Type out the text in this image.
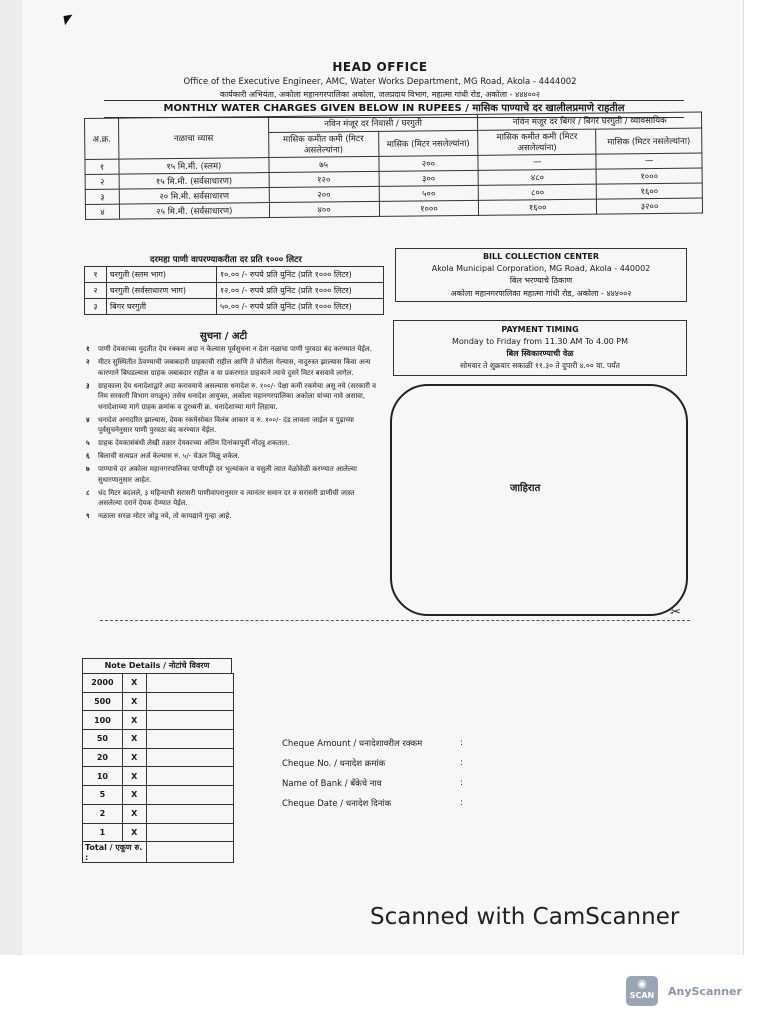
◤
HEAD OFFICE
Office of the Executive Engineer, AMC, Water Works Department, MG Road, Akola - 4444002
कार्यकारी अभियंता, अकोला महानगरपालिका अकोला, जलप्रदाय विभाग, महात्मा गांधी रोड, अकोला - ४४४००२
MONTHLY WATER CHARGES GIVEN BELOW IN RUPEES / मासिक पाण्याचे दर खालीलप्रमाणे राहतील
अ.क्र.	नळाचा व्यास	नविन मंजूर दर निवासी / घरगुती		नविन मंजूर दर बिगर / बिगर घरगुती / व्यावसायिक	
		मासिक कमीत कमी (मिटर असलेल्यांना)	मासिक (मिटर नसलेल्यांना)	मासिक कमीत कमी (मिटर असलेल्यांना)	मासिक (मिटर नसलेल्यांना)
१	१५ मि.मी. (स्लम)	७५	२००	—	—
२	१५ मि.मी. (सर्वसाधारण)	१२०	३००	४८०	१०००
३	२० मि.मी. सर्वसाधारण	२००	५००	८००	१६००
४	२५ मि.मी. (सर्वसाधारण)	४००	१०००	१६००	३२००
दरमहा पाणी वापरण्याकरीता दर प्रति १००० लिटर
१	घरगुती (स्लम भाग)	१०.०० /- रुपये प्रति युनिट (प्रति १००० लिटर)
२	घरगुती (सर्वसाधारण भाग)	१२.०० /- रुपये प्रति युनिट (प्रति १००० लिटर)
३	बिगर घरगुती	५०.०० /- रुपये प्रति युनिट (प्रति १००० लिटर)
BILL COLLECTION CENTER
Akola Municipal Corporation, MG Road, Akola - 440002
बिल भरण्याचे ठिकाण
अकोला महानगरपालिका महात्मा गांधी रोड, अकोला - ४४४००२
PAYMENT TIMING
Monday to Friday from 11.30 AM To 4.00 PM
बिल स्विकारण्याची वेळ
सोमवार ते शुक्रवार सकाळी ११.३० ते दुपारी ४.०० वा. पर्यंत
सुचना / अटी
१	पाणी देयकाच्या मुदतीत देय रक्कम अदा न केल्यास पूर्वसुचना न देता नळाचा पाणी पुरवठा बंद करण्यात येईल.
२	मीटर सुस्थितीत ठेवण्याची जबाबदारी ग्राहकाची राहील आणि ते चोरीला गेल्यास, नादुरुस्त झाल्यास किंवा अन्य कारणाने बिघडल्यास ग्राहक जबाबदार राहील व या प्रकरणात ग्राहकाने त्याचे दुसरे मिटर बसवावे लागेल.
३	ग्राहकाला देय धनादेशाद्वारे अदा करावयाचे असल्यास धनादेश रु. १००/- पेक्षा कमी रकमेचा असु नये (सरकारी व निम सरकारी विभाग वगळून) तसेच धनादेश आयुक्त, अकोला महानगरपालिका अकोला यांच्या नावे असावा, धनादेशाच्या मागे ग्राहक क्रमांक व दुरध्वनी क्र. धनादेशाच्या मागे लिहावा.
४	धनादेश अनादरित झाल्यास, देयक रकमेसोबत विलंब आकार व रु. १००/- दंड लावला जाईल व पुढ़ाच्या पूर्वसुचनेनुसार पाणी पुरवठा बंद करण्यात येईल.
५	ग्राहक देयकासंबंधी लेखी तक्रार देयकाच्या अंतिम दिनांकापूर्वी नोंदवु शकतात.
६	बिलाची सत्यप्रत अर्ज केल्यास रु. ५/- घेऊन मिळू शकेल.
७	पाण्याचे दर अकोला महानगरपालिका पाणीपट्टी दर भूल्यांकन व वसुली त्यात वेळोवेळी करण्यात आलेल्या सुधारणानुसार आहेत.
८	धंद मिटर बदलले, ३ महिन्याची सरासरी पाणीवापरानुसार व त्यानंतर समान दर व सरासरी डाणीची जास्त असलेल्या दराने देयक देण्यात येईल.
९	नळाला सरळ मोटर जोडू नये, तो कायद्याने गुन्हा आहे.
जाहिरात
✂
Note Details / नोटांचे विवरण
2000	X	
500	X	
100	X	
50	X	
20	X	
10	X	
5	X	
2	X	
1	X	
Total / एकूण रु. :		
Cheque Amount / धनादेशावरील रक्कम	:
Cheque No. / धनादेश क्रमांक	:
Name of Bank / बँकेचे नाव	:
Cheque Date / धनादेश दिनांक	:
Scanned with CamScanner
◉
SCAN	AnyScanner
